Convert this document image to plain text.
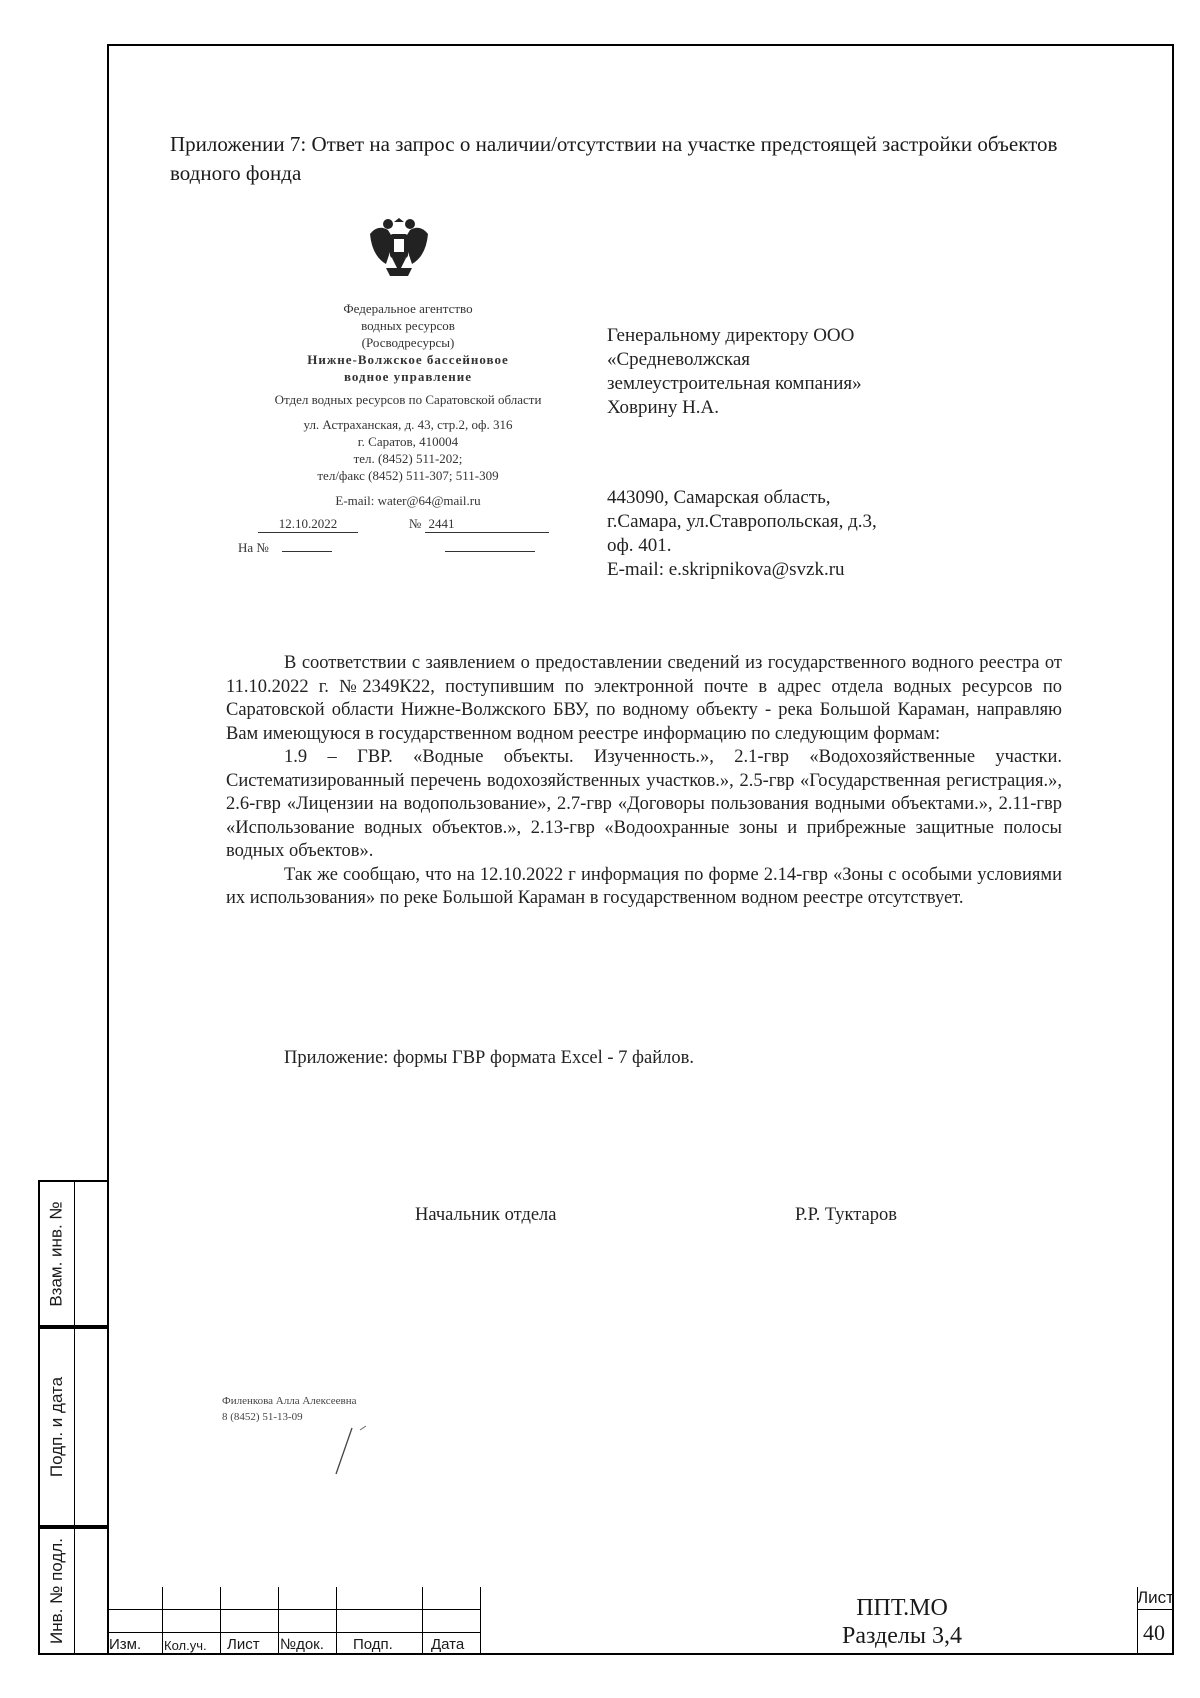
Взам. инв. №
Подп. и дата
Инв. № подл.
Приложении 7: Ответ на запрос о наличии/отсутствии на участке предстоящей застройки объектов водного фонда

Федеральное агентство

водных ресурсов

(Росводресурсы)

Нижне-Волжское бассейновое

водное управление

Отдел водных ресурсов по Саратовской области

ул. Астраханская, д. 43, стр.2, оф. 316

г. Саратов, 410004

тел. (8452) 511-202;

тел/факс (8452) 511-307; 511-309

E-mail: water@64@mail.ru

12.10.2022	№ 2441

На №

Генеральному директору ООО

«Средневолжская

землеустроительная компания»

Ховрину Н.А.

443090, Самарская область,

г.Самара, ул.Ставропольская, д.3,

оф. 401.

E-mail: e.skripnikova@svzk.ru

В соответствии с заявлением о предоставлении сведений из государственного водного реестра от 11.10.2022 г. №2349К22, поступившим по электронной почте в адрес отдела водных ресурсов по Саратовской области Нижне-Волжского БВУ, по водному объекту - река Большой Караман, направляю Вам имеющуюся в государственном водном реестре информацию по следующим формам:

1.9 – ГВР. «Водные объекты. Изученность.», 2.1-гвр «Водохозяйственные участки. Систематизированный перечень водохозяйственных участков.», 2.5-гвр «Государственная регистрация.», 2.6-гвр «Лицензии на водопользование», 2.7-гвр «Договоры пользования водными объектами.», 2.11-гвр «Использование водных объектов.», 2.13-гвр «Водоохранные зоны и прибрежные защитные полосы водных объектов».

Так же сообщаю, что на 12.10.2022 г информация по форме 2.14-гвр «Зоны с особыми условиями их использования» по реке Большой Караман в государственном водном реестре отсутствует.

Приложение: формы ГВР формата Excel - 7 файлов.
Начальник отдела	Р.Р. Туктаров

Филенкова Алла Алексеевна

8 (8452) 51-13-09

Изм. Кол.уч. Лист №док. Подп.	Дата
ППТ.МО
Разделы 3,4
Лист
40
